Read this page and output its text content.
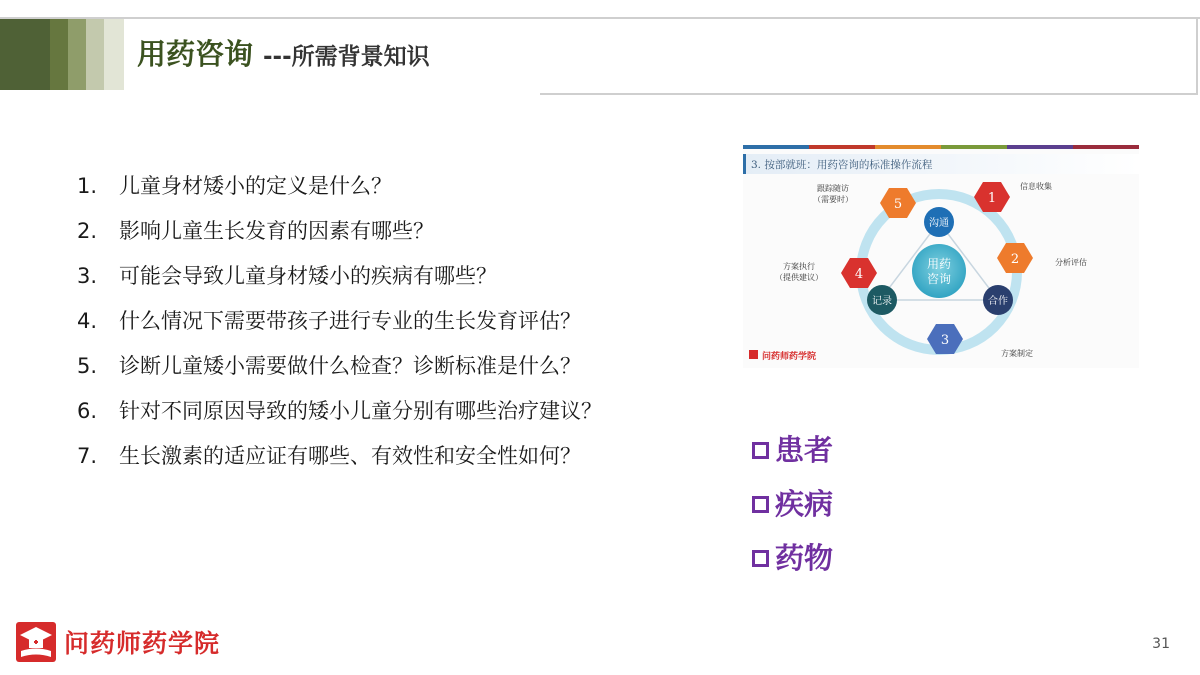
用药咨询 ---所需背景知识
1.	儿童身材矮小的定义是什么？
2.	影响儿童生长发育的因素有哪些？
3.	可能会导致儿童身材矮小的疾病有哪些？
4.	什么情况下需要带孩子进行专业的生长发育评估？
5.	诊断儿童矮小需要做什么检查？诊断标准是什么？
6.	针对不同原因导致的矮小儿童分别有哪些治疗建议？
7.	生长激素的适应证有哪些、有效性和安全性如何？
3. 按部就班：用药咨询的标准操作流程
用药
咨询
沟通
合作
记录
1
信息收集
2	分析评估
3
方案制定
4
方案执行
（提供建议）
5
跟踪随访
（需要时）
问药师药学院
患者
疾病
药物
问药师药学院	31
